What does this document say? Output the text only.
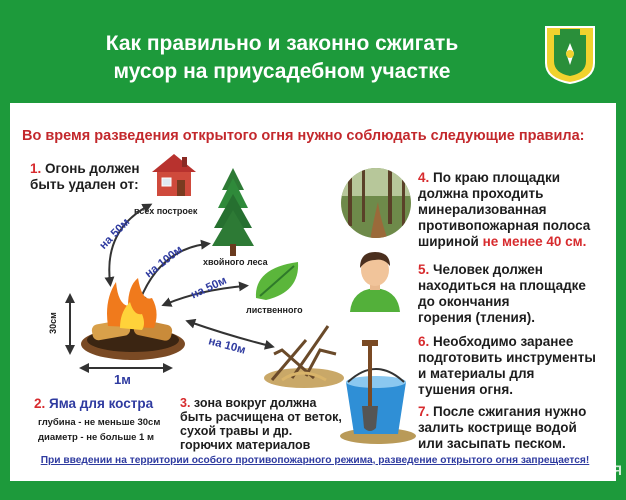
Как правильно и законно сжигать
мусор на приусадебном участке
Во время разведения открытого огня нужно соблюдать следующие правила:
1. Огонь должен
быть удален от:
всех построек
хвойного леса
лиственного
на 50м
на 100м
на 50м
на 10м
1м
30см
2. Яма для костра
глубина - не меньше 30см
диаметр - не больше 1 м
3. зона вокруг должна
быть расчищена от веток,
сухой травы и др.
горючих материалов
4. По краю площадки
должна проходить
минерализованная
противопожарная полоса
шириной не менее 40 см.
5. Человек должен
находиться на площадке
до окончания
горения (тления).
6. Необходимо заранее
подготовить инструменты
и материалы для
тушения огня.
7. После сжигания нужно
залить кострище водой
или засыпать песком.
При введении на территории особого противопожарного режима, разведение открытого огня запрещается!
ТВАЯ
